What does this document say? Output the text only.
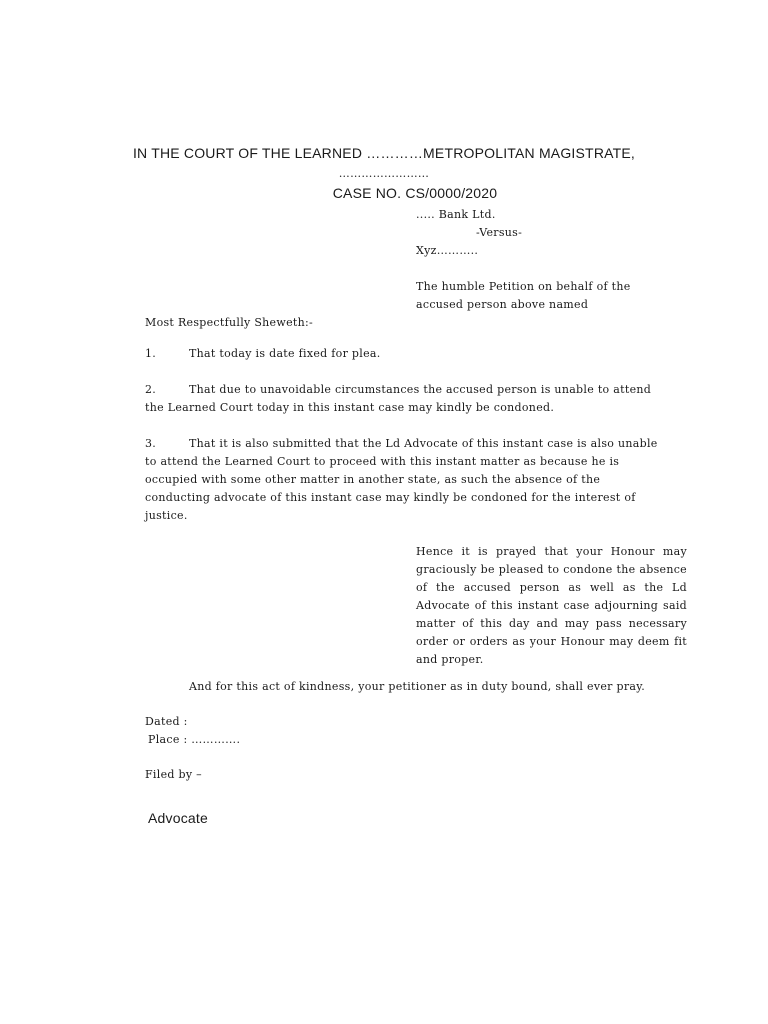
IN THE COURT OF THE LEARNED …………METROPOLITAN MAGISTRATE,
……………………
CASE NO. CS/0000/2020
..... Bank Ltd.
-Versus-
Xyz………..
The humble Petition on behalf of the
accused person above named
Most Respectfully Sheweth:-
1.	That today is date fixed for plea.
2.	That due to unavoidable circumstances the accused person is unable to attend
the Learned Court today in this instant case may kindly be condoned.
3.	That it is also submitted that the Ld Advocate of this instant case is also unable
to attend the Learned Court to proceed with this instant matter as because he is
occupied with some other matter in another state, as such the absence of the
conducting advocate of this instant case may kindly be condoned for the interest of
justice.
Hence it is prayed that your Honour may graciously be pleased to condone the absence of the accused person as well as the Ld Advocate of this instant case adjourning said matter of this day and may pass necessary order or orders as your Honour may deem fit and proper.
And for this act of kindness, your petitioner as in duty bound, shall ever pray.
Dated :
Place : ………….
Filed by –
Advocate
